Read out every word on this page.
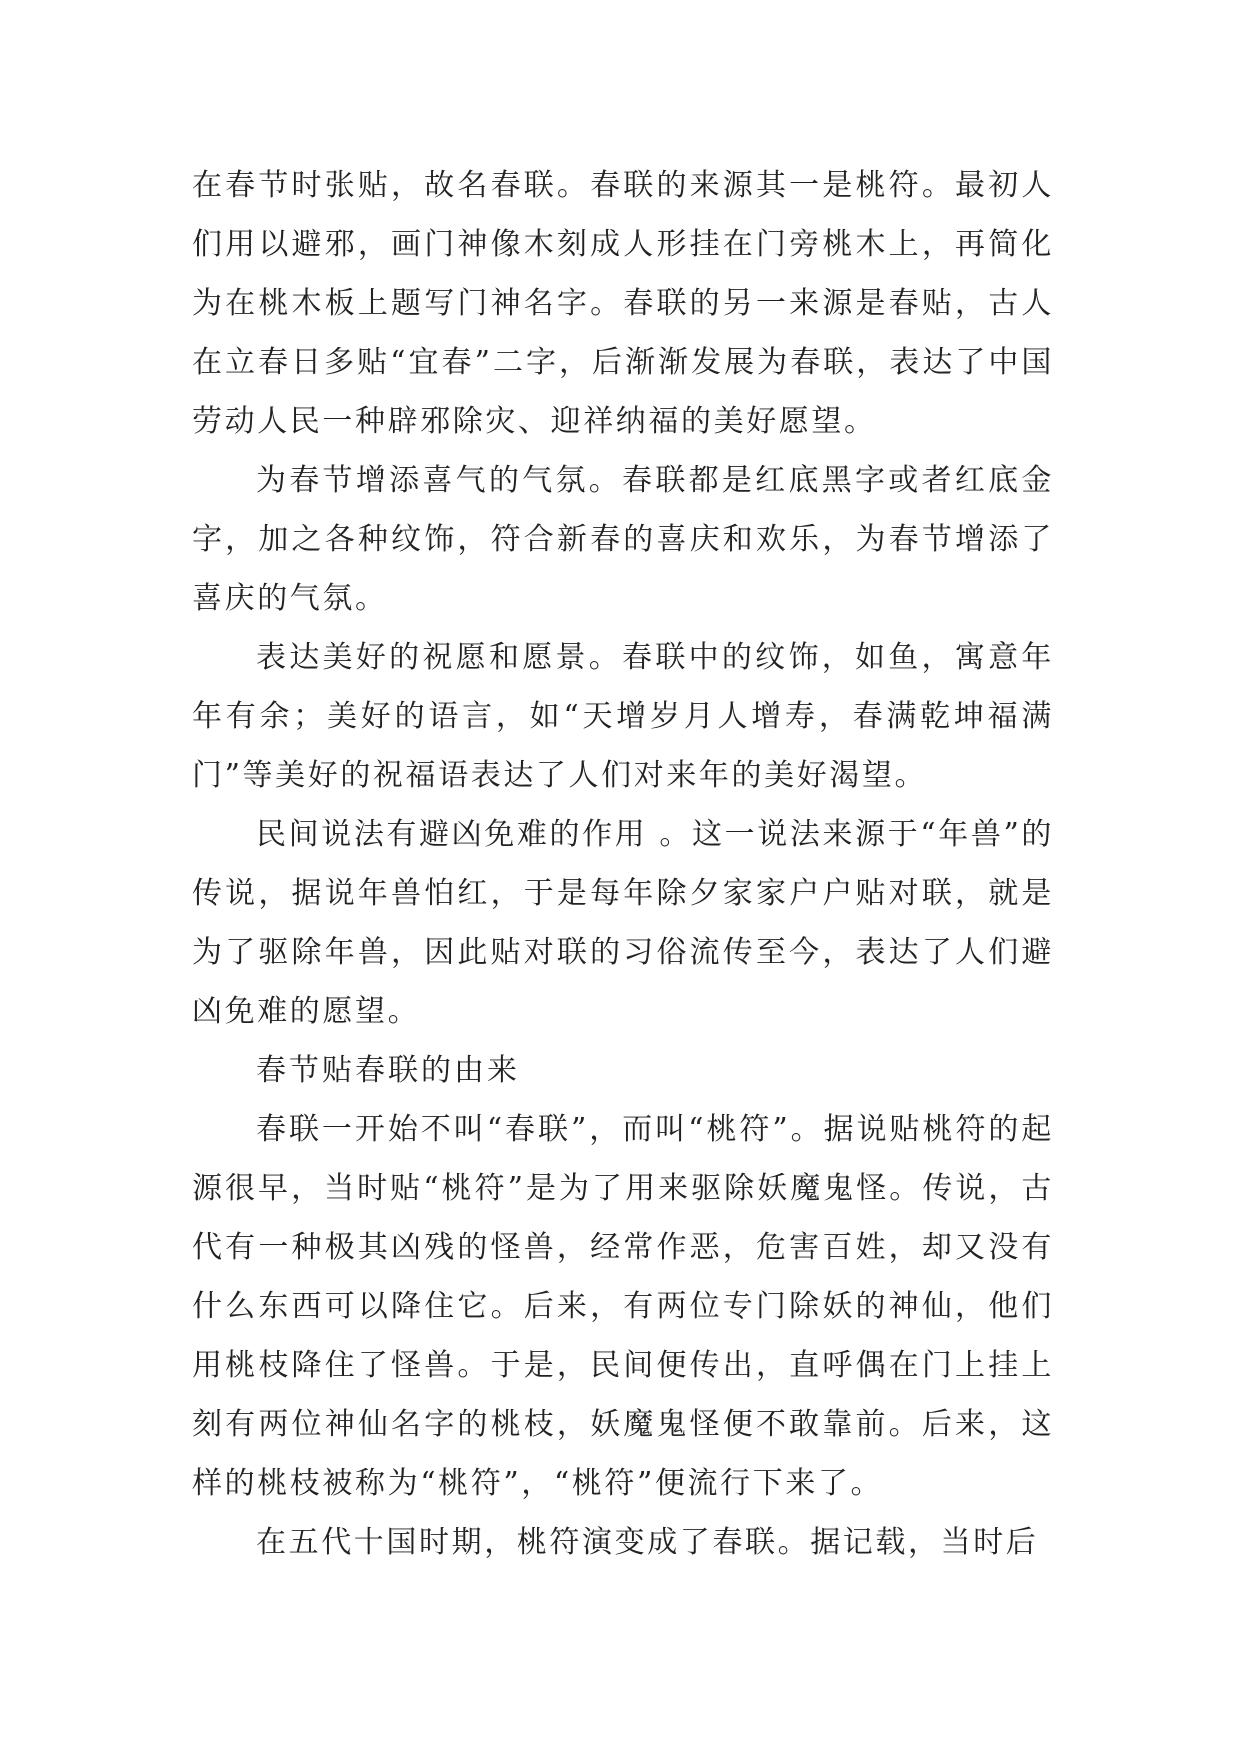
在春节时张贴，故名春联。春联的来源其一是桃符。最初人们用以避邪，画门神像木刻成人形挂在门旁桃木上，再简化为在桃木板上题写门神名字。春联的另一来源是春贴，古人在立春日多贴“宜春”二字，后渐渐发展为春联，表达了中国劳动人民一种辟邪除灾、迎祥纳福的美好愿望。

为春节增添喜气的气氛。春联都是红底黑字或者红底金字，加之各种纹饰，符合新春的喜庆和欢乐，为春节增添了喜庆的气氛。

表达美好的祝愿和愿景。春联中的纹饰，如鱼，寓意年年有余；美好的语言，如“天增岁月人增寿，春满乾坤福满门”等美好的祝福语表达了人们对来年的美好渴望。

民间说法有避凶免难的作用 。这一说法来源于“年兽”的传说，据说年兽怕红，于是每年除夕家家户户贴对联，就是为了驱除年兽，因此贴对联的习俗流传至今，表达了人们避凶免难的愿望。

春节贴春联的由来

春联一开始不叫“春联”，而叫“桃符”。据说贴桃符的起源很早，当时贴“桃符”是为了用来驱除妖魔鬼怪。传说，古代有一种极其凶残的怪兽，经常作恶，危害百姓，却又没有什么东西可以降住它。后来，有两位专门除妖的神仙，他们用桃枝降住了怪兽。于是，民间便传出，直呼偶在门上挂上刻有两位神仙名字的桃枝，妖魔鬼怪便不敢靠前。后来，这样的桃枝被称为“桃符”，“桃符”便流行下来了。

在五代十国时期，桃符演变成了春联。据记载，当时后
